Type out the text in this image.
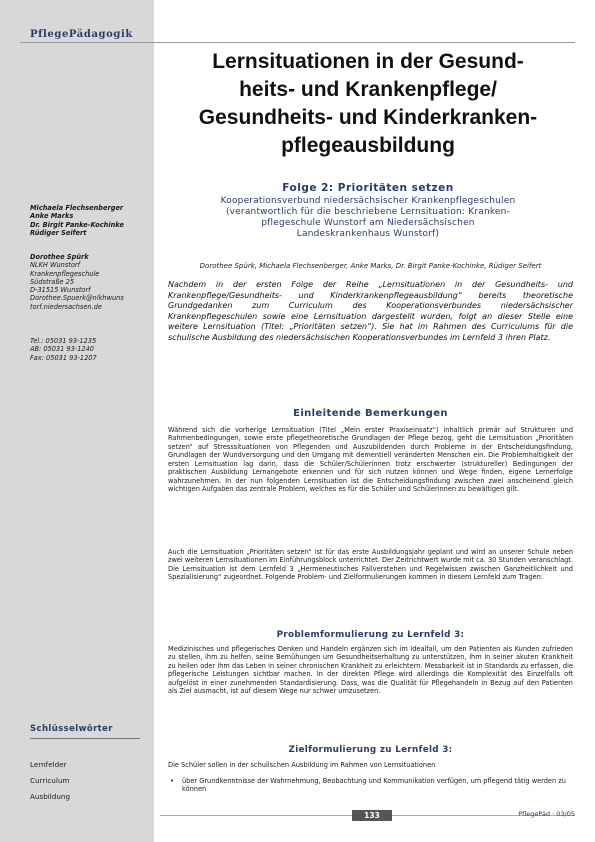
PflegePädagogik
Lernsituationen in der Gesund-
heits- und Krankenpflege/
Gesundheits- und Kinderkranken-
pflegeausbildung
Folge 2: Prioritäten setzen
Kooperationsverbund niedersächsischer Krankenpflegeschulen
(verantwortlich für die beschriebene Lernsituation: Kranken-
pflegeschule Wunstorf am Niedersächsischen
Landeskrankenhaus Wunstorf)
Dorothee Spürk, Michaela Flechsenberger, Anke Marks, Dr. Birgit Panke-Kochinke, Rüdiger Seifert
Nachdem in der ersten Folge der Reihe „Lernsituationen in der Gesundheits- und Krankenpflege/Gesundheits- und Kinderkrankenpflegeausbildung“ bereits theoretische Grundgedanken zum Curriculum des Kooperationsverbundes niedersächsischer Krankenpflegeschulen sowie eine Lernsituation dargestellt wurden, folgt an dieser Stelle eine weitere Lernsituation (Titel: „Prioritäten setzen“). Sie hat im Rahmen des Curriculums für die schulische Ausbildung des niedersächsischen Kooperationsverbundes im Lernfeld 3 ihren Platz.
Michaela Flechsenberger
Anke Marks
Dr. Birgit Panke-Kochinke
Rüdiger Seifert
Dorothee Spürk
NLKH Wunstorf
Krankenpflegeschule
Südstraße 25
D-31515 Wunstorf
Dorothee.Spuerk@nlkhwuns
torf.niedersachsen.de
Tel.: 05031 93-1235
AB: 05031 93-1240
Fax: 05031 93-1207
Schlüsselwörter
Lernfelder
Curriculum
Ausbildung
Einleitende Bemerkungen
Während sich die vorherige Lernsituation (Titel „Mein erster Praxiseinsatz“) inhaltlich primär auf Strukturen und Rahmenbedingungen, sowie erste pflegetheoretische Grundlagen der Pflege bezog, geht die Lernsituation „Prioritäten setzen“ auf Stresssituationen von Pflegenden und Auszubildenden durch Probleme in der Entscheidungsfindung, Grundlagen der Wundversorgung und den Umgang mit dementiell veränderten Menschen ein. Die Problemhaltigkeit der ersten Lernsituation lag darin, dass die Schüler/Schülerinnen trotz erschwerter (struktureller) Bedingungen der praktischen Ausbildung Lernangebote erkennen und für sich nutzen können und Wege finden, eigene Lernerfolge wahrzunehmen. In der nun folgenden Lernsituation ist die Entscheidungsfindung zwischen zwei anscheinend gleich wichtigen Aufgaben das zentrale Problem, welches es für die Schüler und Schülerinnen zu bewältigen gilt.
Auch die Lernsituation „Prioritäten setzen“ ist für das erste Ausbildungsjahr geplant und wird an unserer Schule neben zwei weiteren Lernsituationen im Einführungsblock unterrichtet. Der Zeitrichtwert wurde mit ca. 30 Stunden veranschlagt. Die Lernsituation ist dem Lernfeld 3 „Hermeneutisches Fallverstehen und Regelwissen zwischen Ganzheitlichkeit und Spezialisierung“ zugeordnet. Folgende Problem- und Zielformulierungen kommen in diesem Lernfeld zum Tragen:
Problemformulierung zu Lernfeld 3:
Medizinisches und pflegerisches Denken und Handeln ergänzen sich im Idealfall, um den Patienten als Kunden zufrieden zu stellen, ihm zu helfen, seine Bemühungen um Gesundheitserhaltung zu unterstützen, ihm in seiner akuten Krankheit zu heilen oder ihm das Leben in seiner chronischen Krankheit zu erleichtern. Messbarkeit ist in Standards zu erfassen, die pflegerische Leistungen sichtbar machen. In der direkten Pflege wird allerdings die Komplexität des Einzelfalls oft aufgelöst in einer zunehmenden Standardisierung. Dass, was die Qualität für Pflegehandeln in Bezug auf den Patienten als Ziel ausmacht, ist auf diesem Wege nur schwer umzusetzen.
Zielformulierung zu Lernfeld 3:
Die Schüler sollen in der schulischen Ausbildung im Rahmen von Lernsituationen
• über Grundkenntnisse der Wahrnehmung, Beobachtung und Kommunikation verfügen, um pflegend tätig werden zu können
133	PflegePäd · 03/05
